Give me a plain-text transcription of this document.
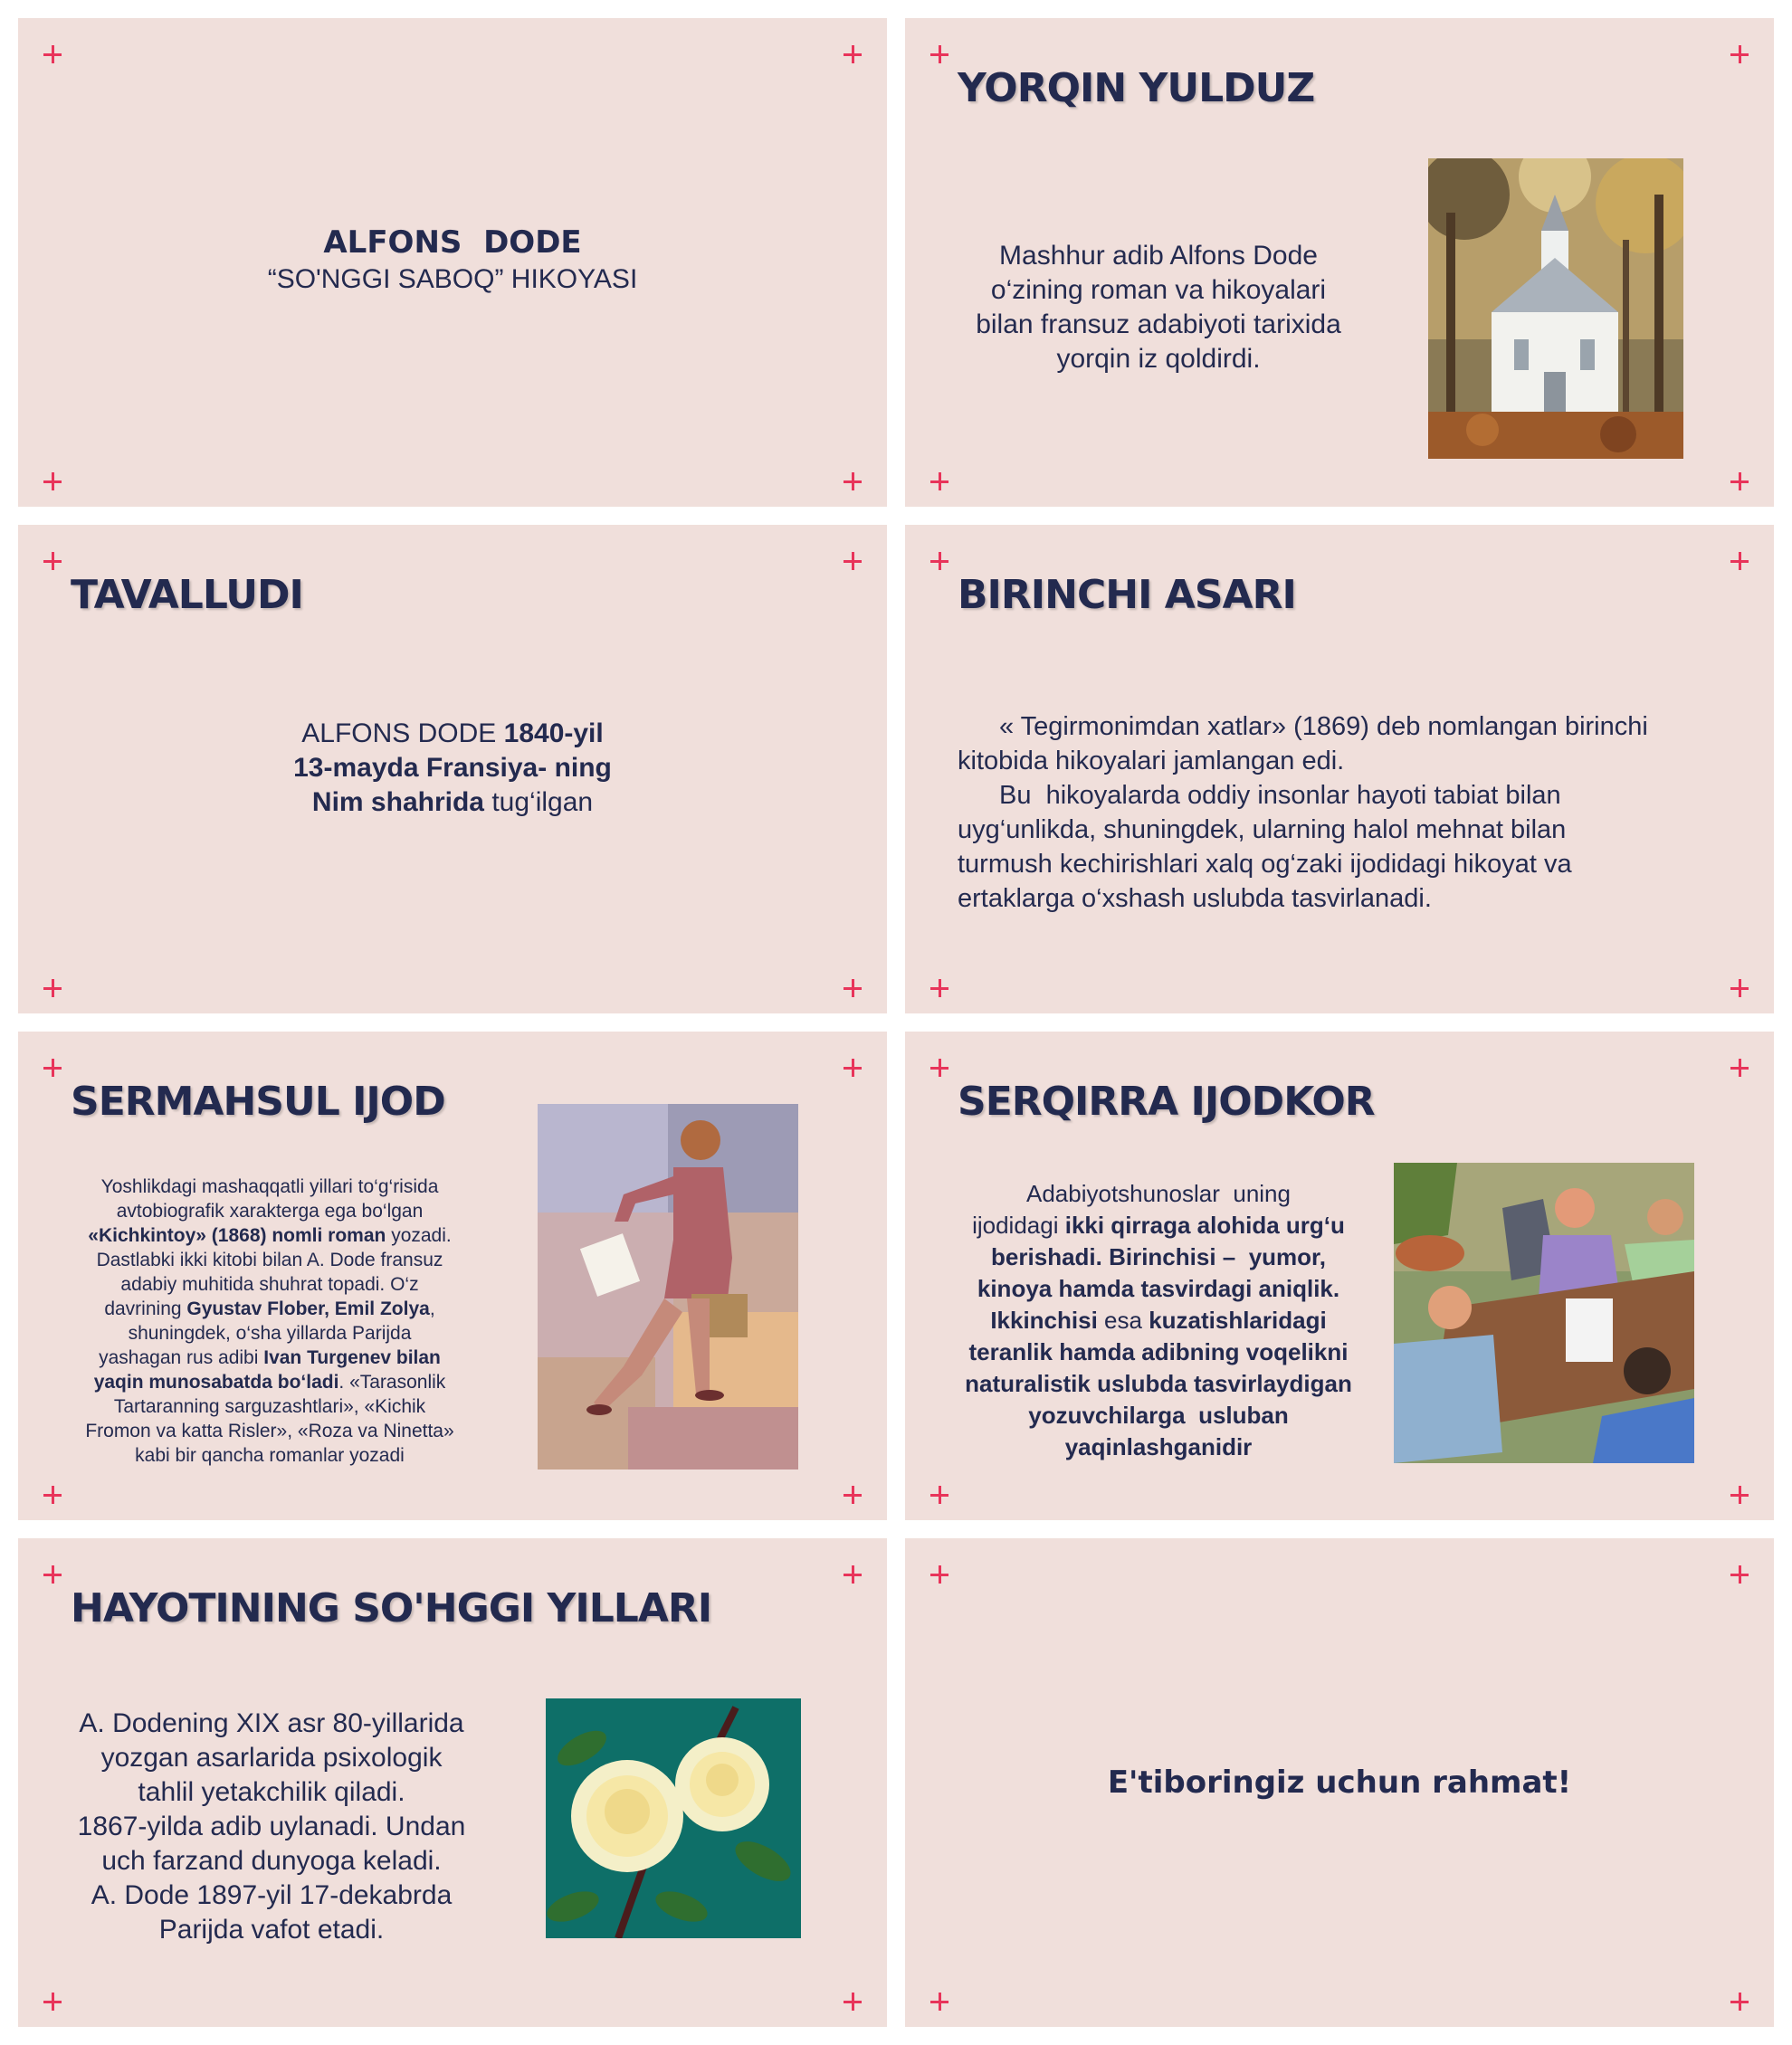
ALFONS  DODE
“SO'NGGI SABOQ” HIKOYASI
YORQIN YULDUZ
Mashhur adib Alfons Dode
o‘zining roman va hikoyalari
bilan fransuz adabiyoti tarixida
yorqin iz qoldirdi.
TAVALLUDI
ALFONS DODE 1840-yil
13-mayda Fransiya- ning
Nim shahrida tug‘ilgan
BIRINCHI ASARI
« Tegirmonimdan xatlar» (1869) deb nomlangan birinchi
kitobida hikoyalari jamlangan edi.
Bu  hikoyalarda oddiy insonlar hayoti tabiat bilan
uyg‘unlikda, shuningdek, ularning halol mehnat bilan
turmush kechirishlari xalq og‘zaki ijodidagi hikoyat va
ertaklarga o‘xshash uslubda tasvirlanadi.
SERMAHSUL IJOD
Yoshlikdagi mashaqqatli yillari to‘g‘risida
avtobiografik xarakterga ega bo‘lgan
«Kichkintoy» (1868) nomli roman yozadi.
Dastlabki ikki kitobi bilan A. Dode fransuz
adabiy muhitida shuhrat topadi. O‘z
davrining Gyustav Flober, Emil Zolya,
shuningdek, o‘sha yillarda Parijda
yashagan rus adibi Ivan Turgenev bilan
yaqin munosabatda bo‘ladi. «Tarasonlik
Tartaranning sarguzashtlari», «Kichik
Fromon va katta Risler», «Roza va Ninetta»
kabi bir qancha romanlar yozadi
SERQIRRA IJODKOR
Adabiyotshunoslar  uning
ijodidagi ikki qirraga alohida urg‘u
berishadi. Birinchisi –  yumor,
kinoya hamda tasvirdagi aniqlik.
Ikkinchisi esa kuzatishlaridagi
teranlik hamda adibning voqelikni
naturalistik uslubda tasvirlaydigan
yozuvchilarga  usluban
yaqinlashganidir
HAYOTINING SO'HGGI YILLARI
A. Dodening XIX asr 80-yillarida
yozgan asarlarida psixologik
tahlil yetakchilik qiladi.
1867-yilda adib uylanadi. Undan
uch farzand dunyoga keladi.
A. Dode 1897-yil 17-dekabrda
Parijda vafot etadi.
E'tiboringiz uchun rahmat!
